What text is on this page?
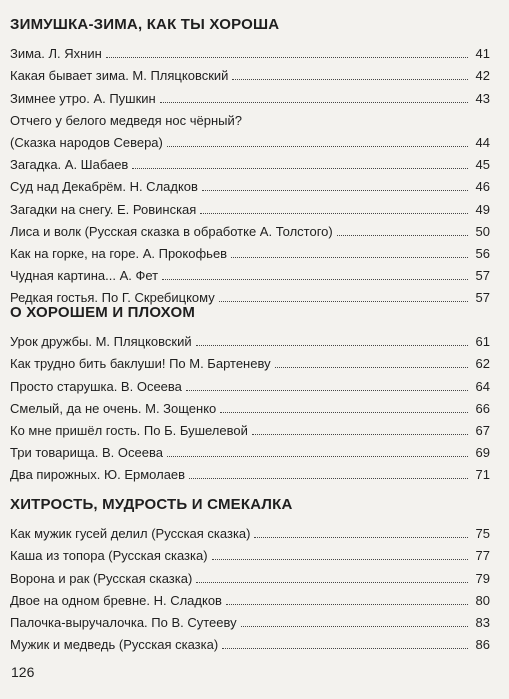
ЗИМУШКА-ЗИМА, КАК ТЫ ХОРОША
Зима. Л. Яхнин	41
Какая бывает зима. М. Пляцковский	42
Зимнее утро. А. Пушкин	43
Отчего у белого медведя нос чёрный?
(Сказка народов Севера)	44
Загадка. А. Шабаев	45
Суд над Декабрём. Н. Сладков	46
Загадки на снегу. Е. Ровинская	49
Лиса и волк (Русская сказка в обработке А. Толстого)	50
Как на горке, на горе. А. Прокофьев	56
Чудная картина... А. Фет	57
Редкая гостья. По Г. Скребицкому	57
О ХОРОШЕМ И ПЛОХОМ
Урок дружбы. М. Пляцковский	61
Как трудно бить баклуши! По М. Бартеневу	62
Просто старушка. В. Осеева	64
Смелый, да не очень. М. Зощенко	66
Ко мне пришёл гость. По Б. Бушелевой	67
Три товарища. В. Осеева	69
Два пирожных. Ю. Ермолаев	71
ХИТРОСТЬ, МУДРОСТЬ И СМЕКАЛКА
Как мужик гусей делил (Русская сказка)	75
Каша из топора (Русская сказка)	77
Ворона и рак (Русская сказка)	79
Двое на одном бревне. Н. Сладков	80
Палочка-выручалочка. По В. Сутееву	83
Мужик и медведь (Русская сказка)	86
126
